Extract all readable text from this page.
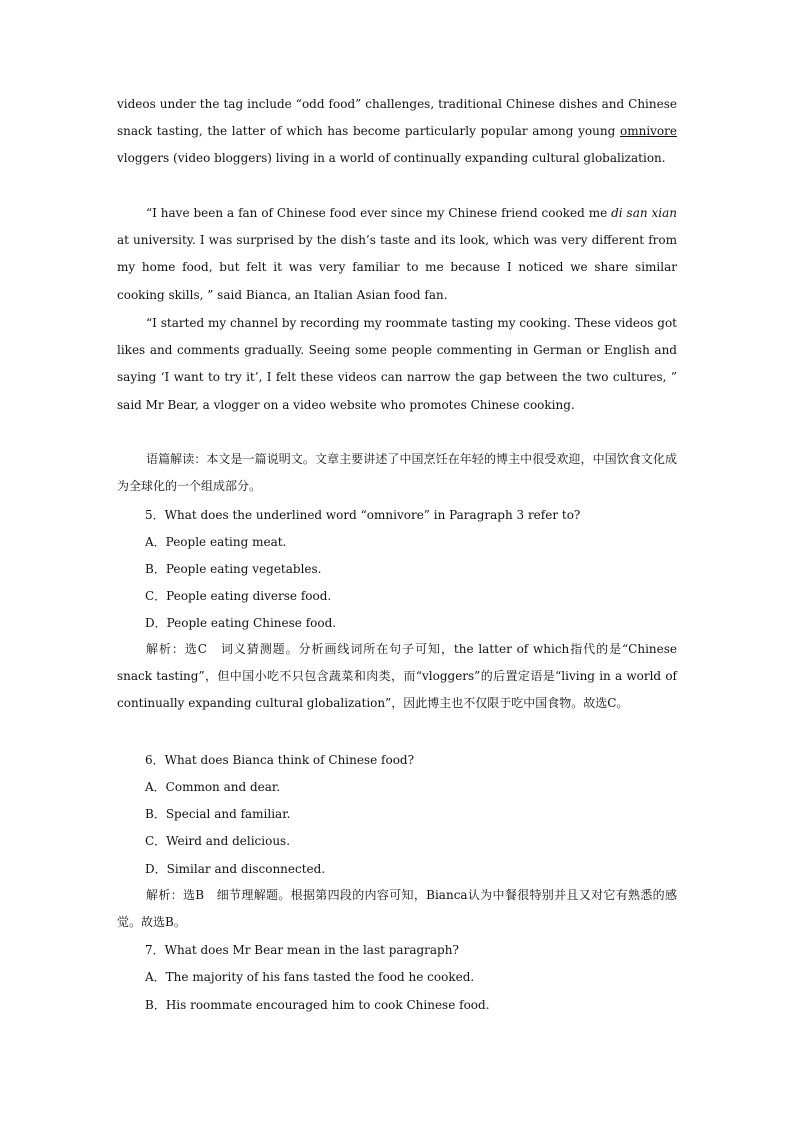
videos under the tag include “odd food” challenges, traditional Chinese dishes and Chinese snack tasting, the latter of which has become particularly popular among young omnivore vloggers (video bloggers) living in a world of continually expanding cultural globalization.

“I have been a fan of Chinese food ever since my Chinese friend cooked me di san xian at university. I was surprised by the dish’s taste and its look, which was very different from my home food, but felt it was very familiar to me because I noticed we share similar cooking skills, ” said Bianca, an Italian Asian food fan.

“I started my channel by recording my roommate tasting my cooking. These videos got likes and comments gradually. Seeing some people commenting in German or English and saying ‘I want to try it’, I felt these videos can narrow the gap between the two cultures, ” said Mr Bear, a vlogger on a video website who promotes Chinese cooking.

语篇解读：本文是一篇说明文。文章主要讲述了中国烹饪在年轻的博主中很受欢迎，中国饮食文化成为全球化的一个组成部分。

5．What does the underlined word “omnivore” in Paragraph 3 refer to?

A．People eating meat.

B．People eating vegetables.

C．People eating diverse food.

D．People eating Chinese food.

解析：选C　词义猜测题。分析画线词所在句子可知，the latter of which指代的是“Chinese snack tasting”，但中国小吃不只包含蔬菜和肉类，而“vloggers”的后置定语是“living in a world of continually expanding cultural globalization”，因此博主也不仅限于吃中国食物。故选C。

6．What does Bianca think of Chinese food?

A．Common and dear.

B．Special and familiar.

C．Weird and delicious.

D．Similar and disconnected.

解析：选B　细节理解题。根据第四段的内容可知，Bianca认为中餐很特别并且又对它有熟悉的感觉。故选B。

7．What does Mr Bear mean in the last paragraph?

A．The majority of his fans tasted the food he cooked.

B．His roommate encouraged him to cook Chinese food.
